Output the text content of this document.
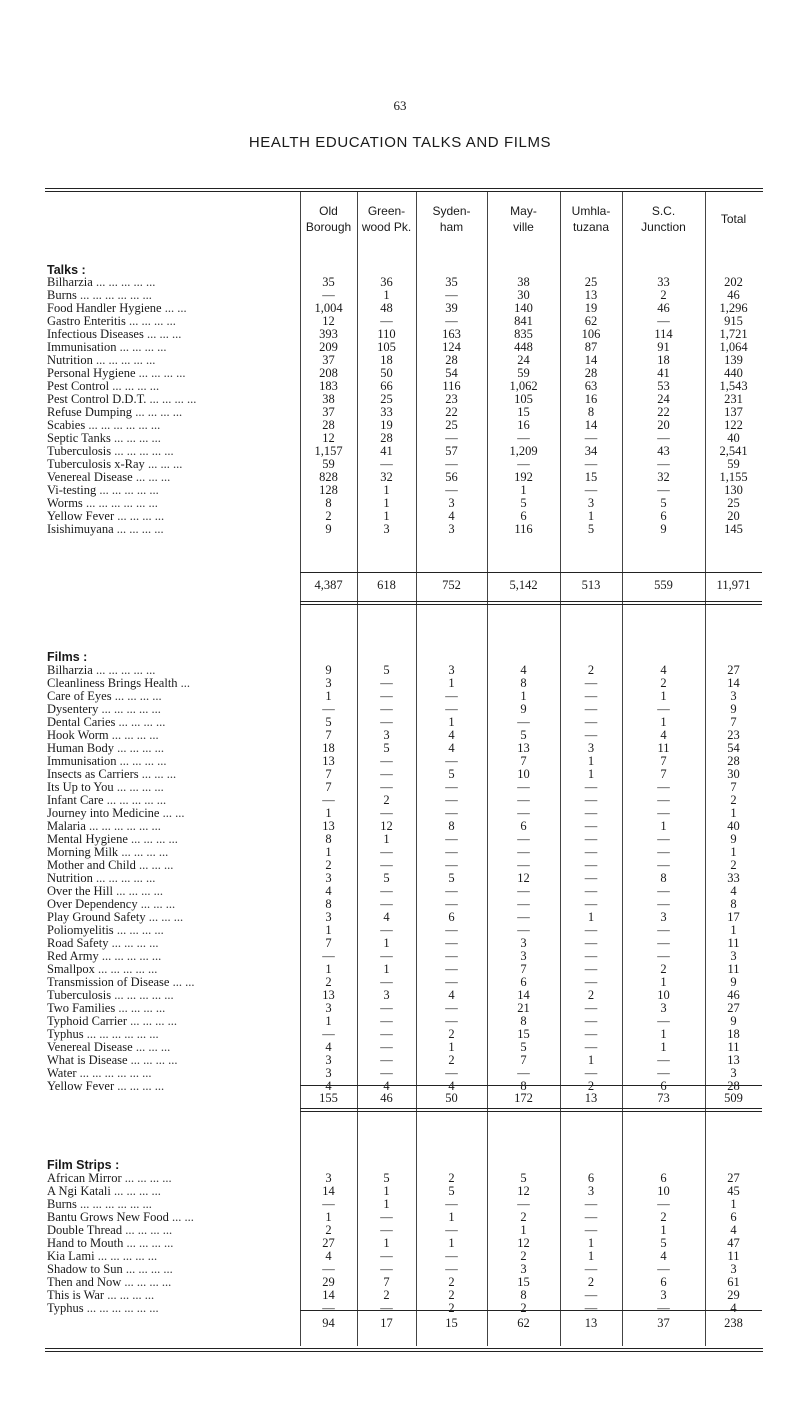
63
HEALTH EDUCATION TALKS AND FILMS
Old
Borough
Green-
wood Pk.
Syden-
ham
May-
ville
Umhla-
tuzana
S.C.
Junction
Total
Talks :
Bilharzia ... ... ... ... ...	35	36	35	38	25	33	202
Burns ... ... ... ... ... ...	—	1	—	30	13	2	46
Food Handler Hygiene ... ...	1,004	48	39	140	19	46	1,296
Gastro Enteritis ... ... ... ...	12	—	—	841	62	—	915
Infectious Diseases ... ... ...	393	110	163	835	106	114	1,721
Immunisation ... ... ... ...	209	105	124	448	87	91	1,064
Nutrition ... ... ... ... ...	37	18	28	24	14	18	139
Personal Hygiene ... ... ... ...	208	50	54	59	28	41	440
Pest Control ... ... ... ...	183	66	116	1,062	63	53	1,543
Pest Control D.D.T. ... ... ... ...	38	25	23	105	16	24	231
Refuse Dumping ... ... ... ...	37	33	22	15	8	22	137
Scabies ... ... ... ... ... ...	28	19	25	16	14	20	122
Septic Tanks ... ... ... ...	12	28	—	—	—	—	40
Tuberculosis ... ... ... ... ...	1,157	41	57	1,209	34	43	2,541
Tuberculosis x-Ray ... ... ...	59	—	—	—	—	—	59
Venereal Disease ... ... ...	828	32	56	192	15	32	1,155
Vi-testing ... ... ... ... ...	128	1	—	1	—	—	130
Worms ... ... ... ... ... ...	8	1	3	5	3	5	25
Yellow Fever ... ... ... ...	2	1	4	6	1	6	20
Isishimuyana ... ... ... ...	9	3	3	116	5	9	145
4,387	618	752	5,142	513	559	11,971
Films :
Bilharzia ... ... ... ... ...	9	5	3	4	2	4	27
Cleanliness Brings Health ...	3	—	1	8	—	2	14
Care of Eyes ... ... ... ...	1	—	—	1	—	1	3
Dysentery ... ... ... ... ...	—	—	—	9	—	—	9
Dental Caries ... ... ... ...	5	—	1	—	—	1	7
Hook Worm ... ... ... ...	7	3	4	5	—	4	23
Human Body ... ... ... ...	18	5	4	13	3	11	54
Immunisation ... ... ... ...	13	—	—	7	1	7	28
Insects as Carriers ... ... ...	7	—	5	10	1	7	30
Its Up to You ... ... ... ...	7	—	—	—	—	—	7
Infant Care ... ... ... ... ...	—	2	—	—	—	—	2
Journey into Medicine ... ...	1	—	—	—	—	—	1
Malaria ... ... ... ... ... ...	13	12	8	6	—	1	40
Mental Hygiene ... ... ... ...	8	1	—	—	—	—	9
Morning Milk ... ... ... ...	1	—	—	—	—	—	1
Mother and Child ... ... ...	2	—	—	—	—	—	2
Nutrition ... ... ... ... ...	3	5	5	12	—	8	33
Over the Hill ... ... ... ...	4	—	—	—	—	—	4
Over Dependency ... ... ...	8	—	—	—	—	—	8
Play Ground Safety ... ... ...	3	4	6	—	1	3	17
Poliomyelitis ... ... ... ...	1	—	—	—	—	—	1
Road Safety ... ... ... ...	7	1	—	3	—	—	11
Red Army ... ... ... ... ...	—	—	—	3	—	—	3
Smallpox ... ... ... ... ...	1	1	—	7	—	2	11
Transmission of Disease ... ...	2	—	—	6	—	1	9
Tuberculosis ... ... ... ... ...	13	3	4	14	2	10	46
Two Families ... ... ... ...	3	—	—	21	—	3	27
Typhoid Carrier ... ... ... ...	1	—	—	8	—	—	9
Typhus ... ... ... ... ... ...	—	—	2	15	—	1	18
Venereal Disease ... ... ...	4	—	1	5	—	1	11
What is Disease ... ... ... ...	3	—	2	7	1	—	13
Water ... ... ... ... ... ...	3	—	—	—	—	—	3
Yellow Fever ... ... ... ...	4	4	4	8	2	6	28
155	46	50	172	13	73	509
Film Strips :
African Mirror ... ... ... ...	3	5	2	5	6	6	27
A Ngi Katali ... ... ... ...	14	1	5	12	3	10	45
Burns ... ... ... ... ... ...	—	1	—	—	—	—	1
Bantu Grows New Food ... ...	1	—	1	2	—	2	6
Double Thread ... ... ... ...	2	—	—	1	—	1	4
Hand to Mouth ... ... ... ...	27	1	1	12	1	5	47
Kia Lami ... ... ... ... ...	4	—	—	2	1	4	11
Shadow to Sun ... ... ... ...	—	—	—	3	—	—	3
Then and Now ... ... ... ...	29	7	2	15	2	6	61
This is War ... ... ... ...	14	2	2	8	—	3	29
Typhus ... ... ... ... ... ...	—	—	2	2	—	—	4
94	17	15	62	13	37	238
